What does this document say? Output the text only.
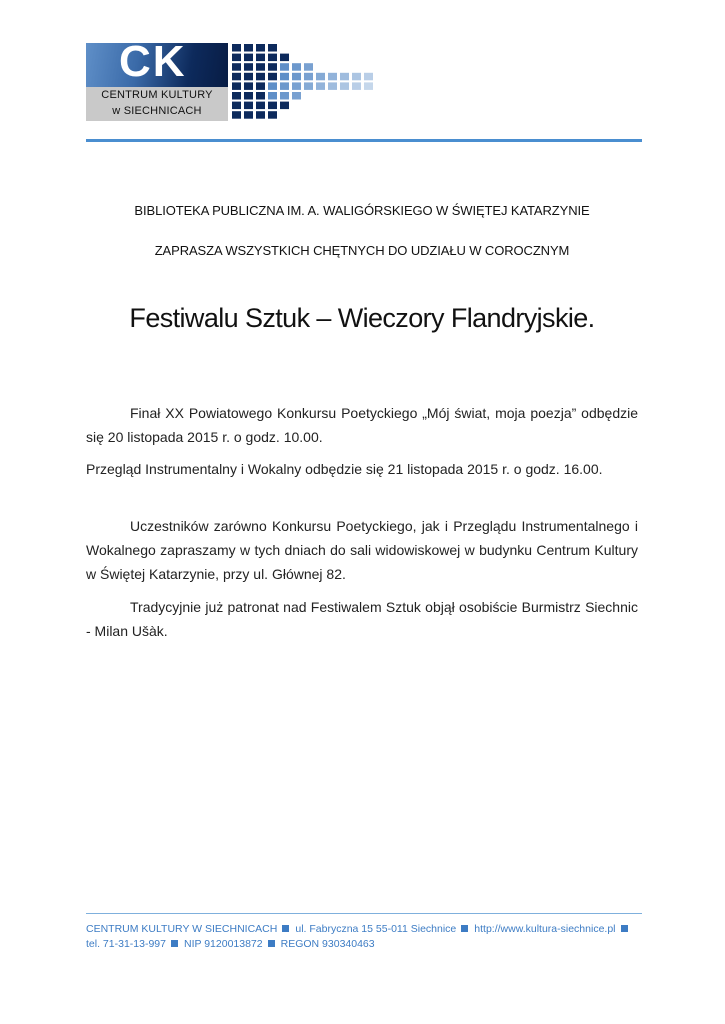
CK
CENTRUM KULTURY
w SIECHNICACH
BIBLIOTEKA PUBLICZNA IM. A. WALIGÓRSKIEGO W ŚWIĘTEJ KATARZYNIE
ZAPRASZA WSZYSTKICH CHĘTNYCH DO UDZIAŁU W COROCZNYM
Festiwalu Sztuk – Wieczory Flandryjskie.
Finał XX Powiatowego Konkursu Poetyckiego „Mój świat, moja poezja” odbędzie się 20 listopada 2015 r. o godz. 10.00.
Przegląd Instrumentalny i Wokalny odbędzie się 21 listopada 2015 r. o godz. 16.00.
Uczestników zarówno Konkursu Poetyckiego, jak i Przeglądu Instrumentalnego i Wokalnego zapraszamy w tych dniach do sali widowiskowej w budynku Centrum Kultury w Świętej Katarzynie, przy ul. Głównej 82.
Tradycyjnie już patronat nad Festiwalem Sztuk objął osobiście Burmistrz Siechnic - Milan Ušàk.
CENTRUM KULTURY W SIECHNICACH ul. Fabryczna 15 55-011 Siechnice http://www.kultura-siechnice.pl
tel. 71-31-13-997 NIP 9120013872 REGON 930340463
